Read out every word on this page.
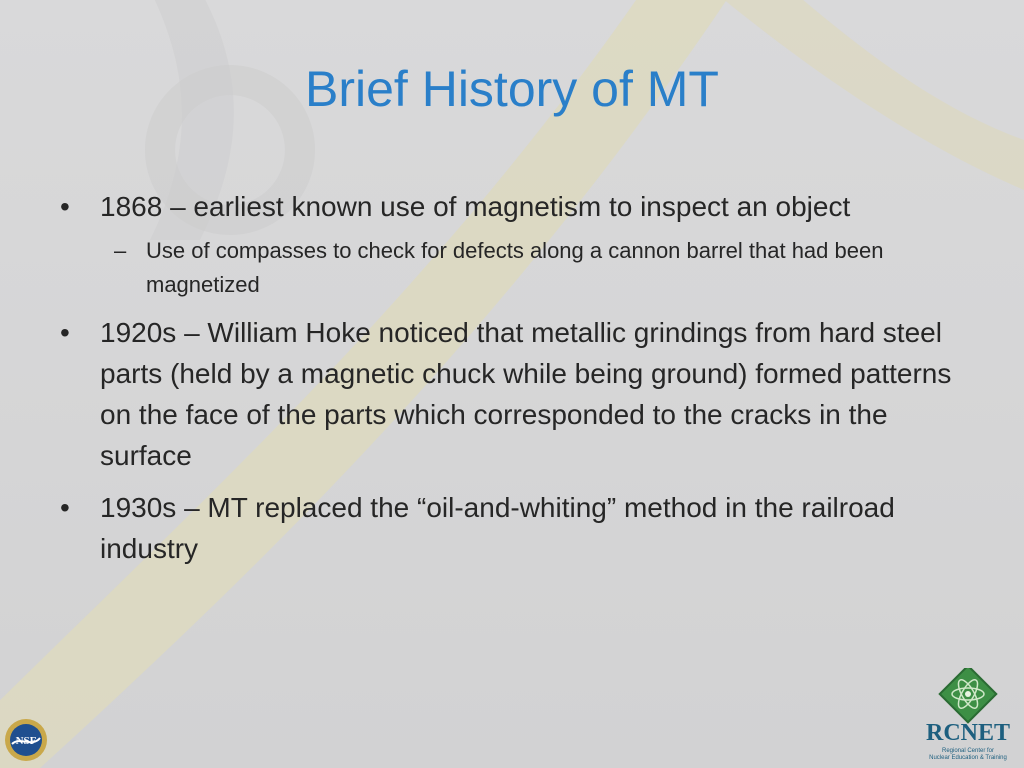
Brief History of MT
• 1868 – earliest known use of magnetism to inspect an object
– Use of compasses to check for defects along a cannon barrel that had been magnetized
• 1920s – William Hoke noticed that metallic grindings from hard steel parts (held by a magnetic chuck while being ground) formed patterns on the face of the parts which corresponded to the cracks in the surface
• 1930s – MT replaced the “oil-and-whiting” method in the railroad industry
NSF	RCNET
Regional Center for
Nuclear Education & Training
